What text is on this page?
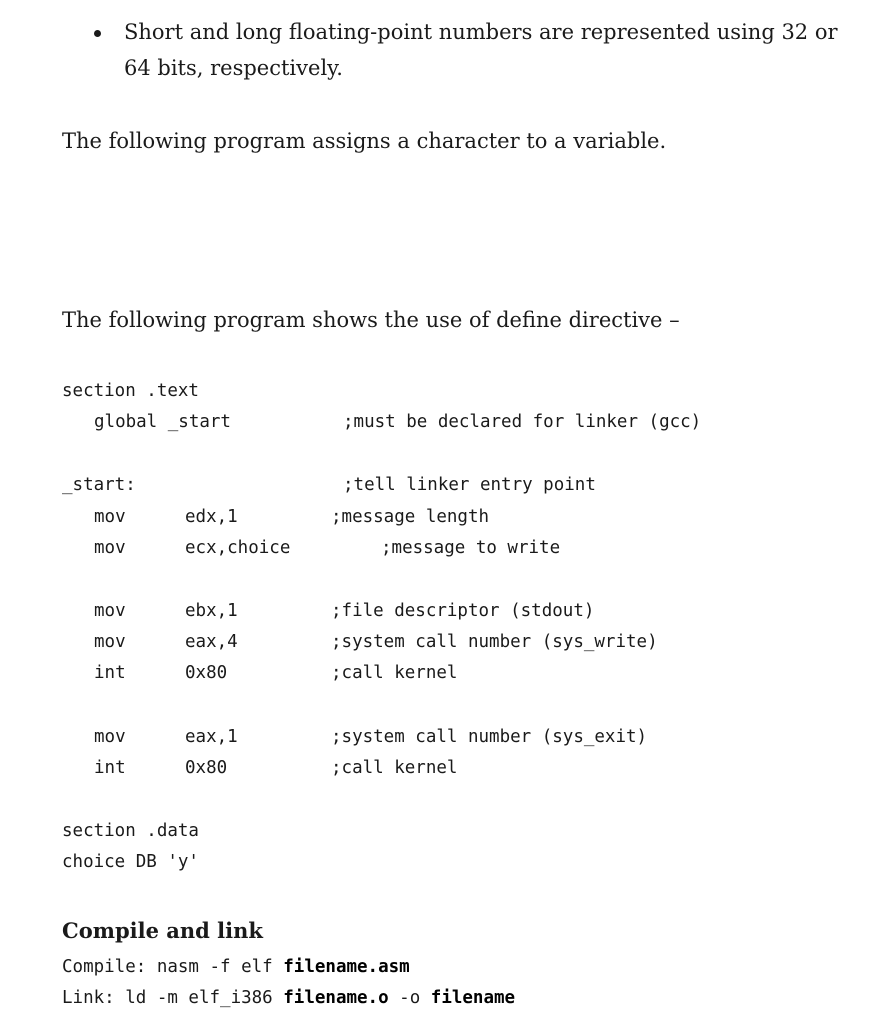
Short and long floating-point numbers are represented using 32 or 64 bits, respectively.
The following program assigns a character to a variable.
The following program shows the use of define directive –
section .text
global _start	;must be declared for linker (gcc)
_start:	;tell linker entry point
mov	edx,1	;message length
mov	ecx,choice	;message to write
mov	ebx,1	;file descriptor (stdout)
mov	eax,4	;system call number (sys_write)
int	0x80	;call kernel
mov	eax,1	;system call number (sys_exit)
int	0x80	;call kernel
section .data
choice DB 'y'
Compile and link
Compile: nasm -f elf filename.asm
Link: ld -m elf_i386 filename.o -o filename
